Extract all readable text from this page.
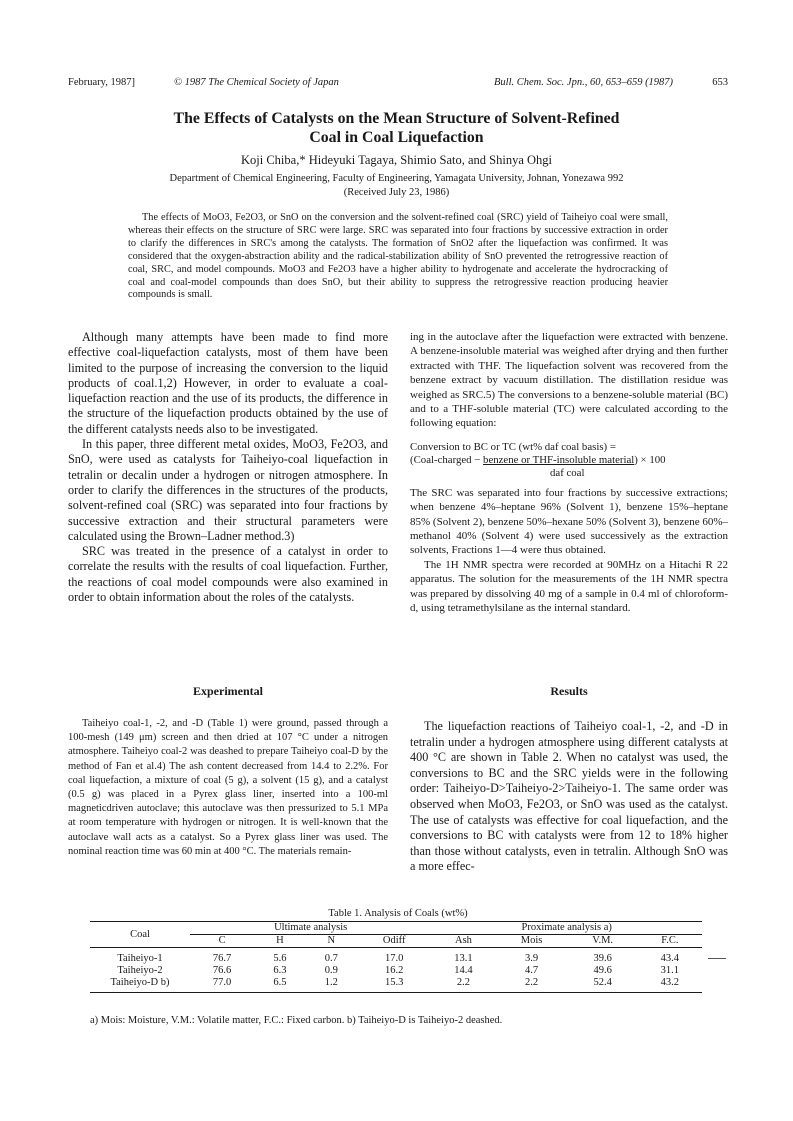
February, 1987]	© 1987 The Chemical Society of Japan	Bull. Chem. Soc. Jpn., 60, 653–659 (1987)	653
The Effects of Catalysts on the Mean Structure of Solvent-Refined
Coal in Coal Liquefaction
Koji Chiba,* Hideyuki Tagaya, Shimio Sato, and Shinya Ohgi
Department of Chemical Engineering, Faculty of Engineering, Yamagata University, Johnan, Yonezawa 992
(Received July 23, 1986)

The effects of MoO3, Fe2O3, or SnO on the conversion and the solvent-refined coal (SRC) yield of Taiheiyo coal were small, whereas their effects on the structure of SRC were large. SRC was separated into four fractions by successive extraction in order to clarify the differences in SRC's among the catalysts. The formation of SnO2 after the liquefaction was confirmed. It was considered that the oxygen-abstraction ability and the radical-stabilization ability of SnO prevented the retrogressive reaction of coal, SRC, and model compounds. MoO3 and Fe2O3 have a higher ability to hydrogenate and accelerate the hydrocracking of coal and coal-model compounds than does SnO, but their ability to suppress the retrogressive reaction producing heavier compounds is small.

Although many attempts have been made to find more effective coal-liquefaction catalysts, most of them have been limited to the purpose of increasing the conversion to the liquid products of coal.1,2) However, in order to evaluate a coal-liquefaction reaction and the use of its products, the difference in the structure of the liquefaction products obtained by the use of the different catalysts needs also to be investigated.

In this paper, three different metal oxides, MoO3, Fe2O3, and SnO, were used as catalysts for Taiheiyo-coal liquefaction in tetralin or decalin under a hydrogen or nitrogen atmosphere. In order to clarify the differences in the structures of the products, solvent-refined coal (SRC) was separated into four fractions by successive extraction and their structural parameters were calculated using the Brown–Ladner method.3)

SRC was treated in the presence of a catalyst in order to correlate the results with the results of coal liquefaction. Further, the reactions of coal model compounds were also examined in order to obtain information about the roles of the catalysts.

ing in the autoclave after the liquefaction were extracted with benzene. A benzene-insoluble material was weighed after drying and then further extracted with THF. The liquefaction solvent was recovered from the benzene extract by vacuum distillation. The distillation residue was weighed as SRC.5) The conversions to a benzene-soluble material (BC) and to a THF-soluble material (TC) were calculated according to the following equation:

Conversion to BC or TC (wt% daf coal basis) =
(Coal-charged − benzene or THF-insoluble material) × 100
daf coal

The SRC was separated into four fractions by successive extractions; when benzene 4%–heptane 96% (Solvent 1), benzene 15%–heptane 85% (Solvent 2), benzene 50%–hexane 50% (Solvent 3), benzene 60%–methanol 40% (Solvent 4) were used successively as the extraction solvents, Fractions 1—4 were thus obtained.

The 1H NMR spectra were recorded at 90MHz on a Hitachi R 22 apparatus. The solution for the measurements of the 1H NMR spectra was prepared by dissolving 40 mg of a sample in 0.4 ml of chloroform-d, using tetramethylsilane as the internal standard.

Experimental

Taiheiyo coal-1, -2, and -D (Table 1) were ground, passed through a 100-mesh (149 μm) screen and then dried at 107 °C under a nitrogen atmosphere. Taiheiyo coal-2 was deashed to prepare Taiheiyo coal-D by the method of Fan et al.4) The ash content decreased from 14.4 to 2.2%. For coal liquefaction, a mixture of coal (5 g), a solvent (15 g), and a catalyst (0.5 g) was placed in a Pyrex glass liner, inserted into a 100-ml magneticdriven autoclave; this autoclave was then pressurized to 5.1 MPa at room temperature with hydrogen or nitrogen. It is well-known that the autoclave wall acts as a catalyst. So a Pyrex glass liner was used. The nominal reaction time was 60 min at 400 °C. The materials remain-

Results

The liquefaction reactions of Taiheiyo coal-1, -2, and -D in tetralin under a hydrogen atmosphere using different catalysts at 400 °C are shown in Table 2. When no catalyst was used, the conversions to BC and the SRC yields were in the following order: Taiheiyo-D>Taiheiyo-2>Taiheiyo-1. The same order was observed when MoO3, Fe2O3, or SnO was used as the catalyst. The use of catalysts was effective for coal liquefaction, and the conversions to BC with catalysts were from 12 to 18% higher than those without catalysts, even in tetralin. Although SnO was a more effec-

Table 1. Analysis of Coals (wt%)
Coal	Ultimate analysis				Proximate analysis a)			
	C	H	N	Odiff	Ash	Mois	V.M.	F.C.
Taiheiyo-1	76.7	5.6	0.7	17.0	13.1	3.9	39.6	43.4
Taiheiyo-2	76.6	6.3	0.9	16.2	14.4	4.7	49.6	31.1
Taiheiyo-D b)	77.0	6.5	1.2	15.3	2.2	2.2	52.4	43.2
a) Mois: Moisture, V.M.: Volatile matter, F.C.: Fixed carbon. b) Taiheiyo-D is Taiheiyo-2 deashed.
